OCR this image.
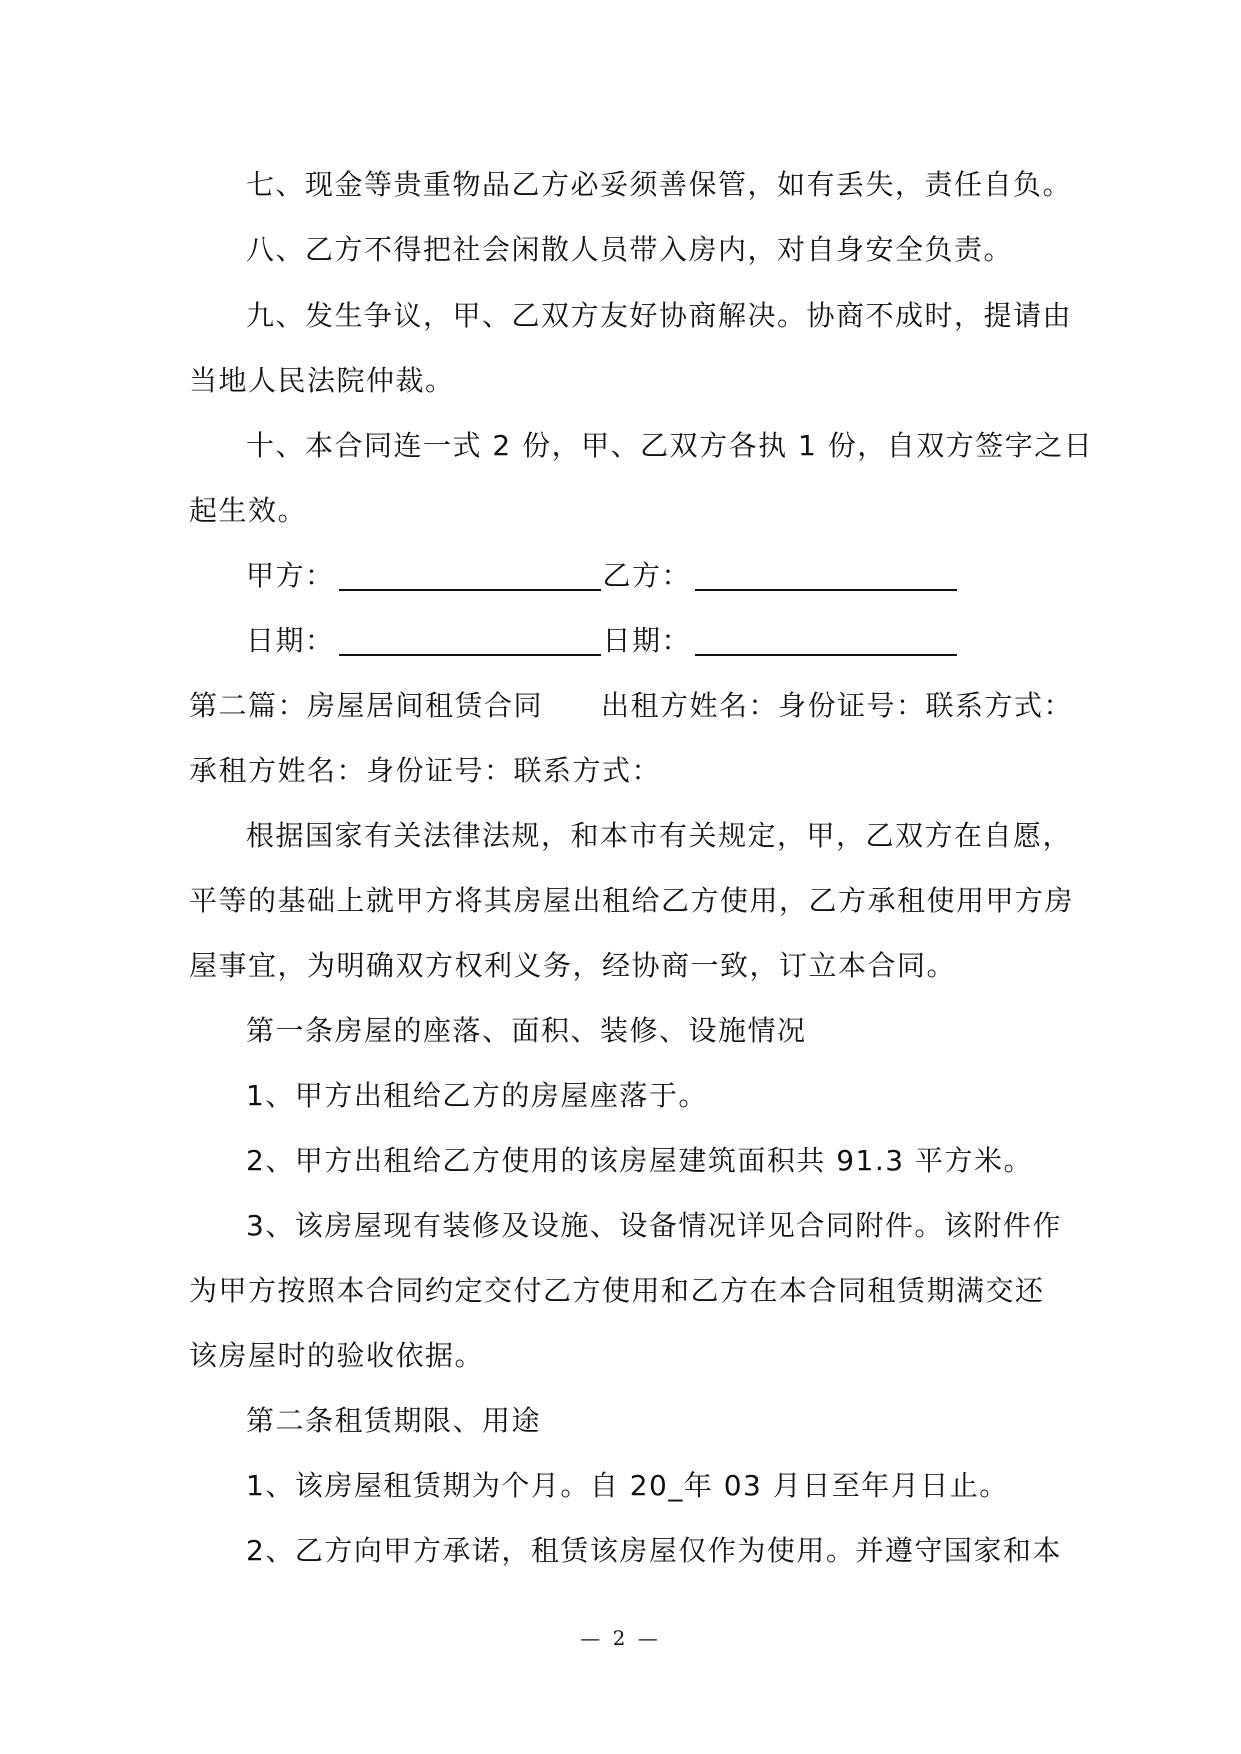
七、现金等贵重物品乙方必妥须善保管，如有丢失，责任自负。
八、乙方不得把社会闲散人员带入房内，对自身安全负责。
九、发生争议，甲、乙双方友好协商解决。协商不成时，提请由
当地人民法院仲裁。
十、本合同连一式 2 份，甲、乙双方各执 1 份，自双方签字之日
起生效。
甲方：	乙方：
日期：	日期：
第二篇：房屋居间租赁合同 出租方姓名：身份证号：联系方式：
承租方姓名：身份证号：联系方式：
根据国家有关法律法规，和本市有关规定，甲，乙双方在自愿，
平等的基础上就甲方将其房屋出租给乙方使用，乙方承租使用甲方房
屋事宜，为明确双方权利义务，经协商一致，订立本合同。
第一条房屋的座落、面积、装修、设施情况
1、甲方出租给乙方的房屋座落于。
2、甲方出租给乙方使用的该房屋建筑面积共 91.3 平方米。
3、该房屋现有装修及设施、设备情况详见合同附件。该附件作
为甲方按照本合同约定交付乙方使用和乙方在本合同租赁期满交还
该房屋时的验收依据。
第二条租赁期限、用途
1、该房屋租赁期为个月。自 20_年 03 月日至年月日止。
2、乙方向甲方承诺，租赁该房屋仅作为使用。并遵守国家和本
— 2 —
